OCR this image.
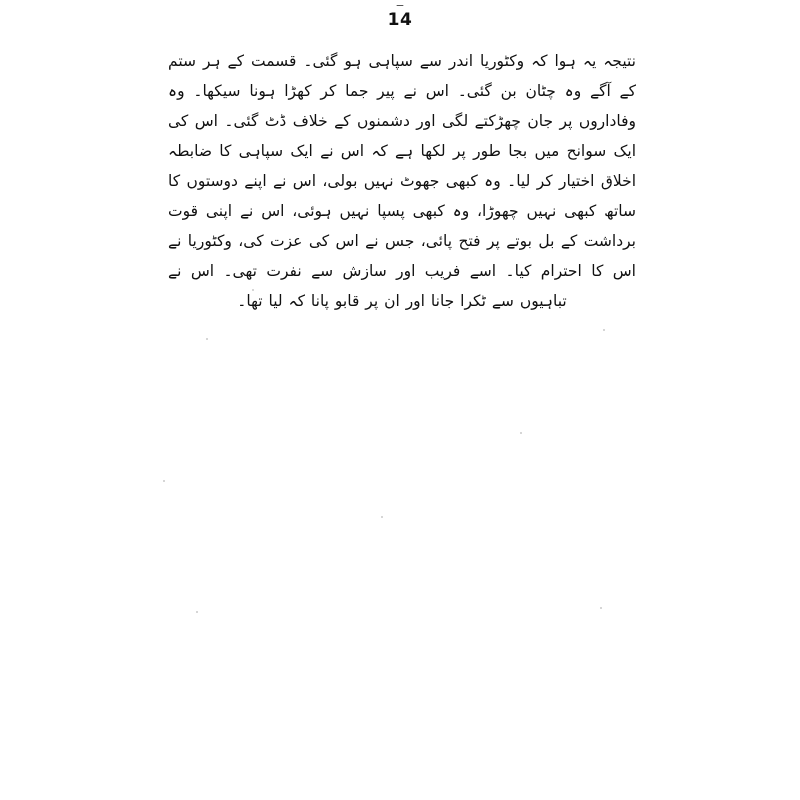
ــ
14

نتیجہ یہ ہوا کہ وکٹوریا اندر سے سپاہی ہو گئی۔ قسمت کے ہر ستم کے آگے وہ چٹان بن گئی۔ اس نے پیر جما کر کھڑا ہونا سیکھا۔ وہ وفاداروں پر جان چھڑکتے لگی اور دشمنوں کے خلاف ڈٹ گئی۔ اس کی ایک سوانح میں بجا طور پر لکھا ہے کہ اس نے ایک سپاہی کا ضابطہ اخلاق اختیار کر لیا۔ وہ کبھی جھوٹ نہیں بولی، اس نے اپنے دوستوں کا ساتھ کبھی نہیں چھوڑا، وہ کبھی پسپا نہیں ہوئی، اس نے اپنی قوت برداشت کے بل بوتے پر فتح پائی، جس نے اس کی عزت کی، وکٹوریا نے اس کا احترام کیا۔ اسے فریب اور سازش سے نفرت تھی۔ اس نے تباہیوں سے ٹکرا جانا اور ان پر قابو پانا کہ لیا تھا۔
